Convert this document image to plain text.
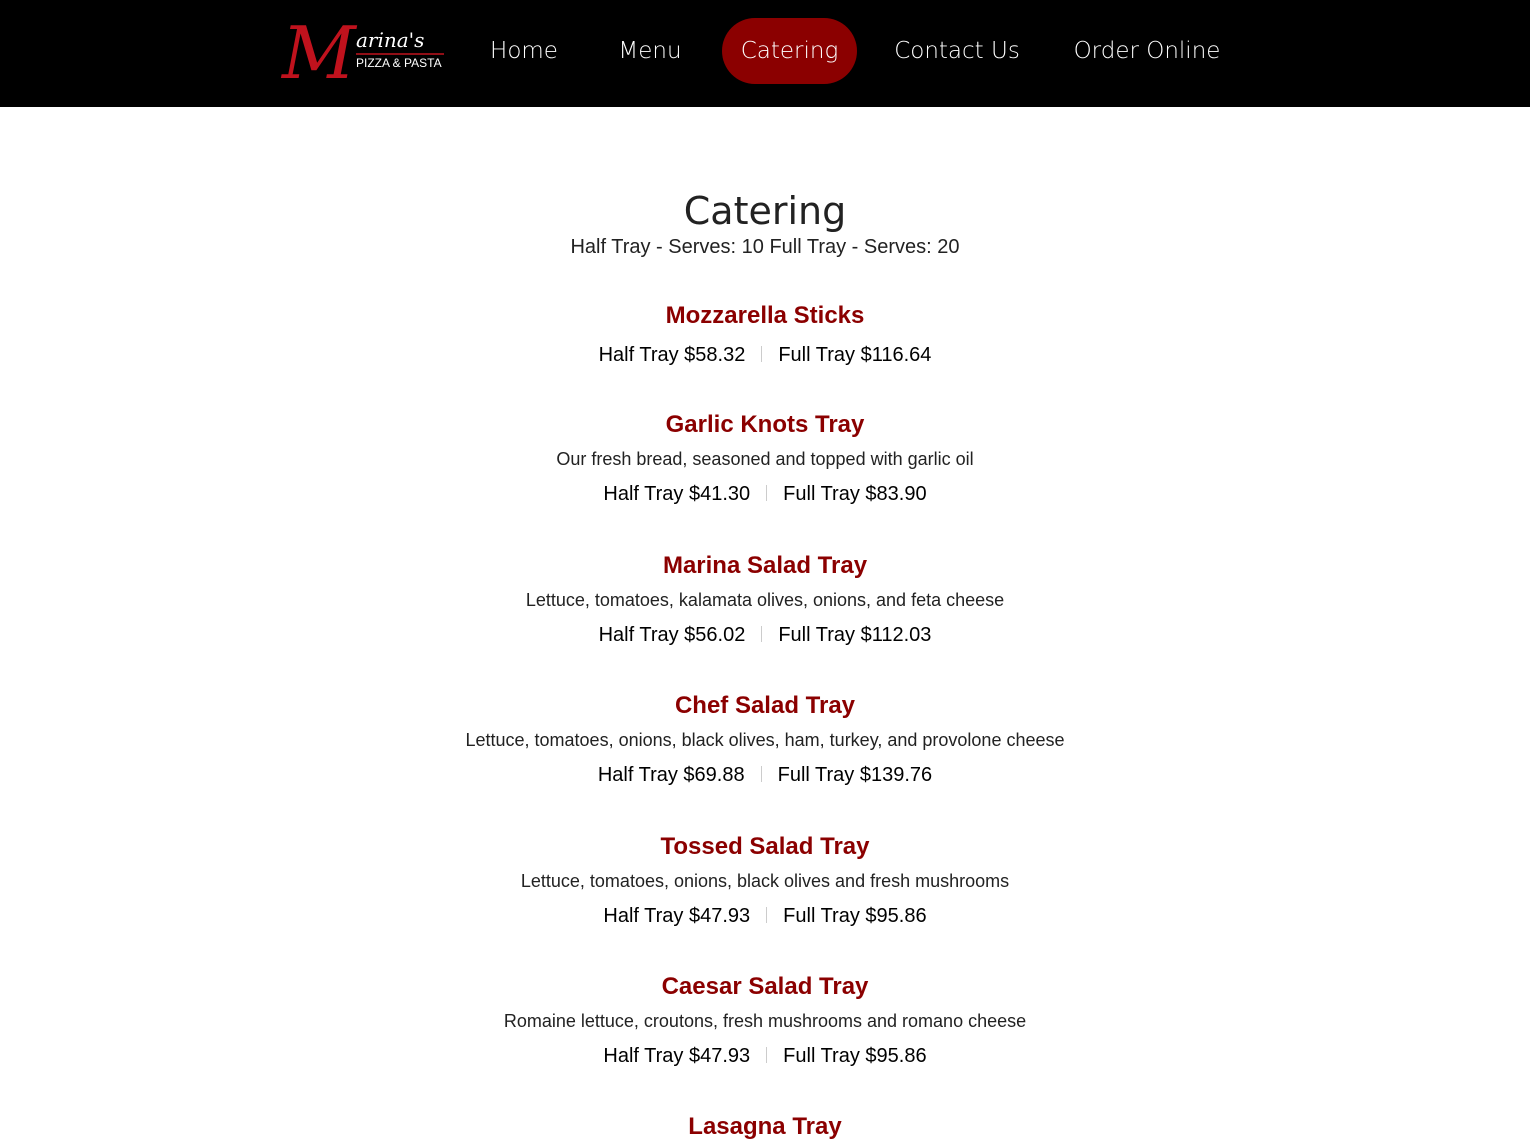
M arina's
PIZZA & PASTA	Home	Menu	Catering	Contact Us	Order Online
Catering
Half Tray - Serves: 10 Full Tray - Serves: 20
Mozzarella Sticks
Half Tray $58.32 Full Tray $116.64
Garlic Knots Tray
Our fresh bread, seasoned and topped with garlic oil
Half Tray $41.30 Full Tray $83.90
Marina Salad Tray
Lettuce, tomatoes, kalamata olives, onions, and feta cheese
Half Tray $56.02 Full Tray $112.03
Chef Salad Tray
Lettuce, tomatoes, onions, black olives, ham, turkey, and provolone cheese
Half Tray $69.88 Full Tray $139.76
Tossed Salad Tray
Lettuce, tomatoes, onions, black olives and fresh mushrooms
Half Tray $47.93 Full Tray $95.86
Caesar Salad Tray
Romaine lettuce, croutons, fresh mushrooms and romano cheese
Half Tray $47.93 Full Tray $95.86
Lasagna Tray
